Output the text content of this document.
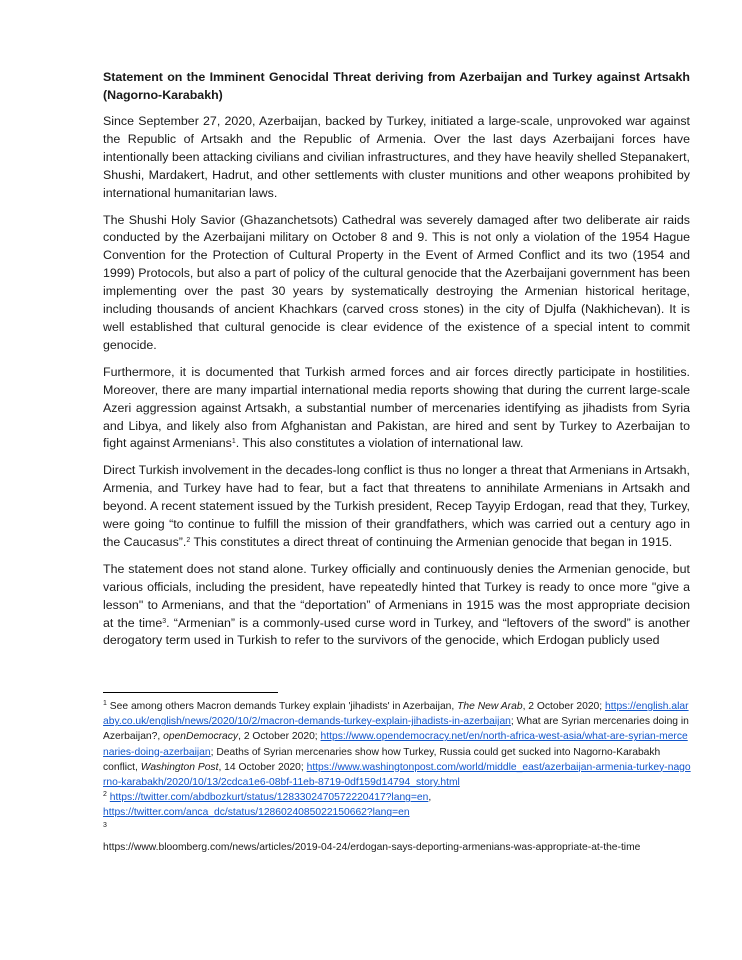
Statement on the Imminent Genocidal Threat deriving from Azerbaijan and Turkey against Artsakh (Nagorno-Karabakh)

Since September 27, 2020, Azerbaijan, backed by Turkey, initiated a large-scale, unprovoked war against the Republic of Artsakh and the Republic of Armenia. Over the last days Azerbaijani forces have intentionally been attacking civilians and civilian infrastructures, and they have heavily shelled Stepanakert, Shushi, Mardakert, Hadrut, and other settlements with cluster munitions and other weapons prohibited by international humanitarian laws.

The Shushi Holy Savior (Ghazanchetsots) Cathedral was severely damaged after two deliberate air raids conducted by the Azerbaijani military on October 8 and 9. This is not only a violation of the 1954 Hague Convention for the Protection of Cultural Property in the Event of Armed Conflict and its two (1954 and 1999) Protocols, but also a part of policy of the cultural genocide that the Azerbaijani government has been implementing over the past 30 years by systematically destroying the Armenian historical heritage, including thousands of ancient Khachkars (carved cross stones) in the city of Djulfa (Nakhichevan). It is well established that cultural genocide is clear evidence of the existence of a special intent to commit genocide.

Furthermore, it is documented that Turkish armed forces and air forces directly participate in hostilities. Moreover, there are many impartial international media reports showing that during the current large-scale Azeri aggression against Artsakh, a substantial number of mercenaries identifying as jihadists from Syria and Libya, and likely also from Afghanistan and Pakistan, are hired and sent by Turkey to Azerbaijan to fight against Armenians$^1$. This also constitutes a violation of international law.

Direct Turkish involvement in the decades-long conflict is thus no longer a threat that Armenians in Artsakh, Armenia, and Turkey have had to fear, but a fact that threatens to annihilate Armenians in Artsakh and beyond. A recent statement issued by the Turkish president, Recep Tayyip Erdogan, read that they, Turkey, were going “to continue to fulfill the mission of their grandfathers, which was carried out a century ago in the Caucasus”.$^2$ This constitutes a direct threat of continuing the Armenian genocide that began in 1915.

The statement does not stand alone. Turkey officially and continuously denies the Armenian genocide, but various officials, including the president, have repeatedly hinted that Turkey is ready to once more "give a lesson" to Armenians, and that the “deportation” of Armenians in 1915 was the most appropriate decision at the time$^3$. “Armenian” is a commonly-used curse word in Turkey, and “leftovers of the sword” is another derogatory term used in Turkish to refer to the survivors of the genocide, which Erdogan publicly used

$^1$ See among others Macron demands Turkey explain 'jihadists' in Azerbaijan, The New Arab, 2 October 2020; https://english.alaraby.co.uk/english/news/2020/10/2/macron-demands-turkey-explain-jihadists-in-azerbaijan; What are Syrian mercenaries doing in Azerbaijan?, openDemocracy, 2 October 2020; https://www.opendemocracy.net/en/north-africa-west-asia/what-are-syrian-mercenaries-doing-azerbaijan; Deaths of Syrian mercenaries show how Turkey, Russia could get sucked into Nagorno-Karabakh conflict, Washington Post, 14 October 2020; https://www.washingtonpost.com/world/middle_east/azerbaijan-armenia-turkey-nagorno-karabakh/2020/10/13/2cdca1e6-08bf-11eb-8719-0df159d14794_story.html

$^2$ https://twitter.com/abdbozkurt/status/1283302470572220417?lang=en,
https://twitter.com/anca_dc/status/1286024085022150662?lang=en

$^3$

https://www.bloomberg.com/news/articles/2019-04-24/erdogan-says-deporting-armenians-was-appropriate-at-the-time
